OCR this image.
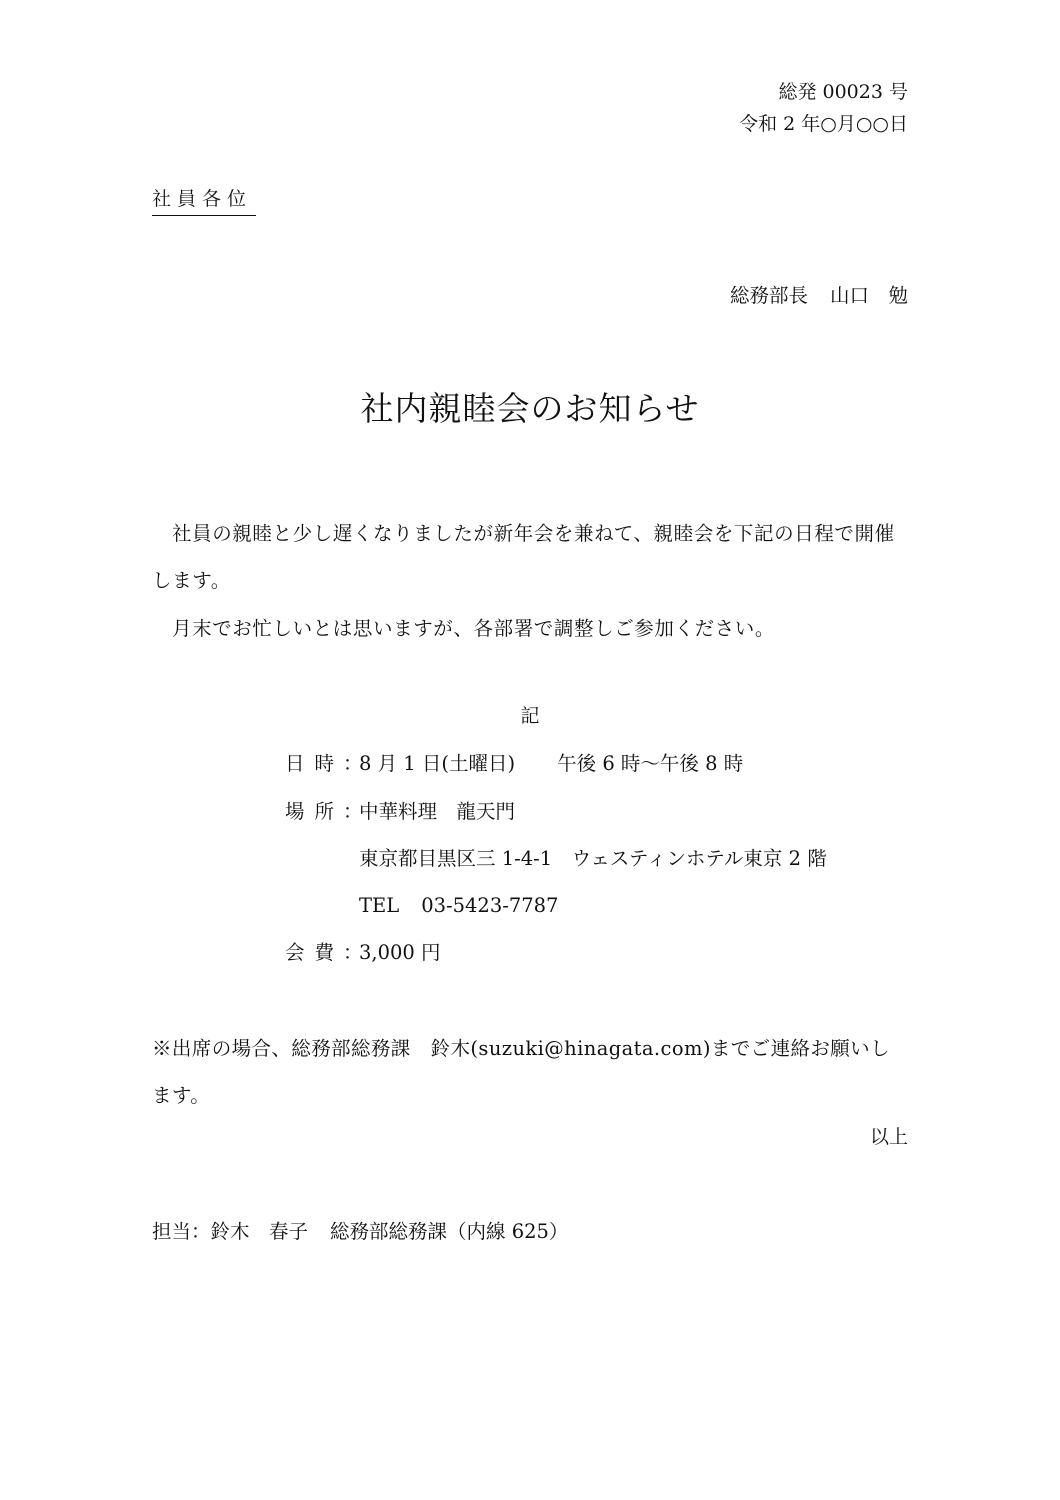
総発 00023 号
令和 2 年○月○○日
社員各位
総務部長 山口　勉
社内親睦会のお知らせ
社員の親睦と少し遅くなりましたが新年会を兼ねて、親睦会を下記の日程で開催します。
月末でお忙しいとは思いますが、各部署で調整しご参加ください。
記
日時：8 月 1 日(土曜日) 午後 6 時～午後 8 時
場所：中華料理　龍天門
東京都目黒区三 1-4-1　ウェスティンホテル東京 2 階
TEL 03-5423-7787
会費：3,000 円
※出席の場合、総務部総務課　鈴木(suzuki@hinagata.com)までご連絡お願いし
ます。
以上
担当：鈴木　春子 総務部総務課（内線 625）
